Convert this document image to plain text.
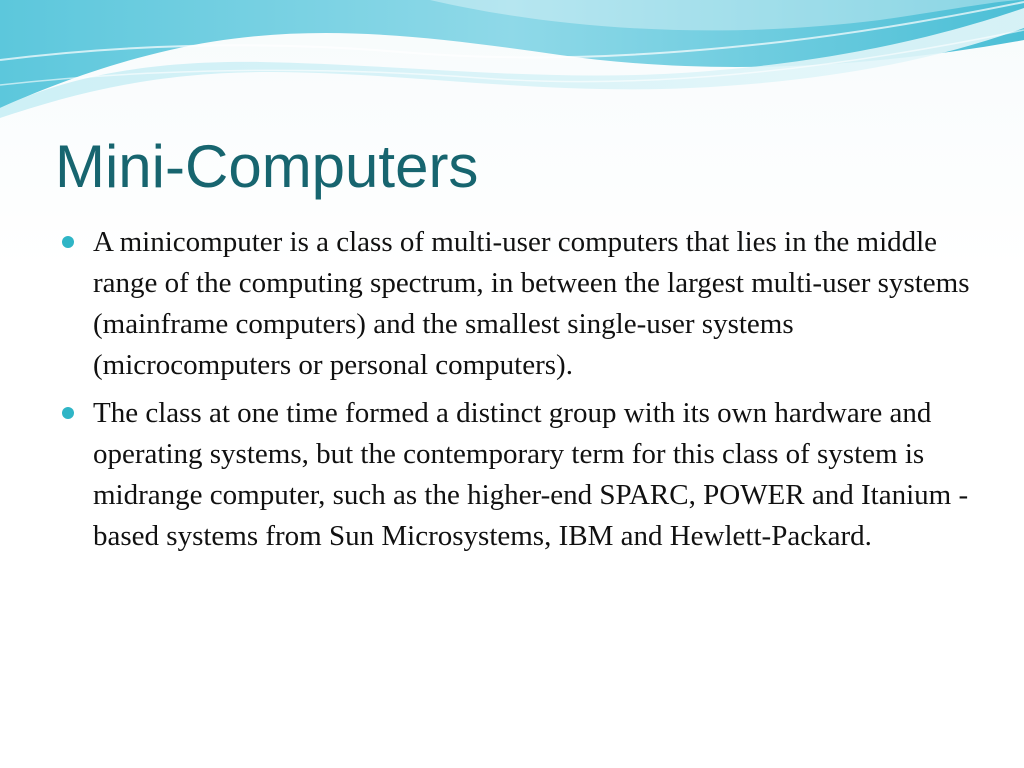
Mini-Computers
A minicomputer is a class of multi-user computers that lies in the middle range of the computing spectrum, in between the largest multi-user systems (mainframe computers) and the smallest single-user systems (microcomputers or personal computers).
The class at one time formed a distinct group with its own hardware and operating systems, but the contemporary term for this class of system is midrange computer, such as the higher-end SPARC, POWER and Itanium -based systems from Sun Microsystems, IBM and Hewlett-Packard.
